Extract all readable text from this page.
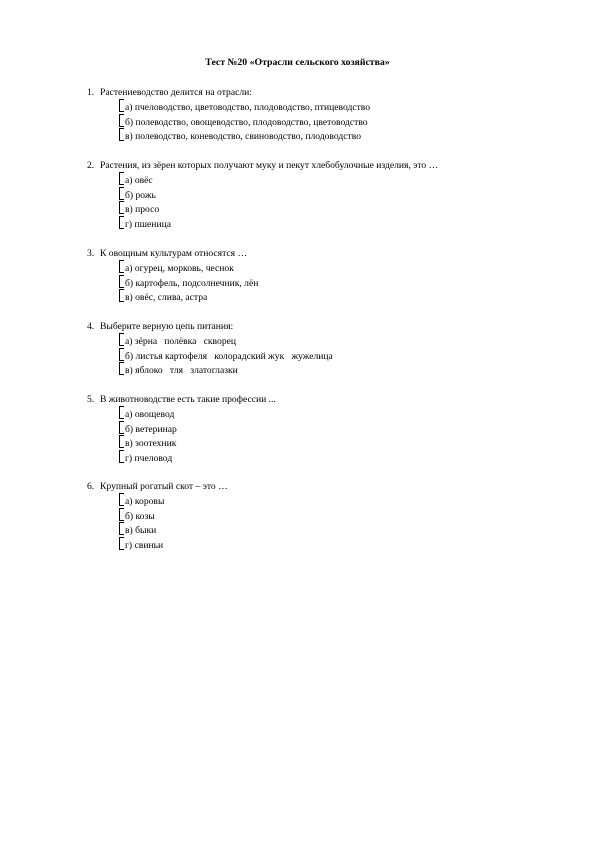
Тест №20 «Отрасли сельского хозяйства»
1. Растениеводство делится на отрасли:
а) пчеловодство, цветоводство, плодоводство, птицеводство
б) полеводство, овощеводство, плодоводство, цветоводство
в) полеводство, коневодство, свиноводство, плодоводство
2. Растения, из зёрен которых получают муку и пекут хлебобулочные изделия, это …
а) овёс
б) рожь
в) просо
г) пшеница
3. К овощным культурам относятся …
а) огурец, морковь, чеснок
б) картофель, подсолнечник, лён
в) овёс, слива, астра
4. Выберите верную цепь питания:
а) зёрна   полёвка   скворец
б) листья картофеля   колорадский жук   жужелица
в) яблоко   тля   златоглазки
5. В животноводстве есть такие профессии ...
а) овощевод
б) ветеринар
в) зоотехник
г) пчеловод
6. Крупный рогатый скот – это …
а) коровы
б) козы
в) быки
г) свиньи
